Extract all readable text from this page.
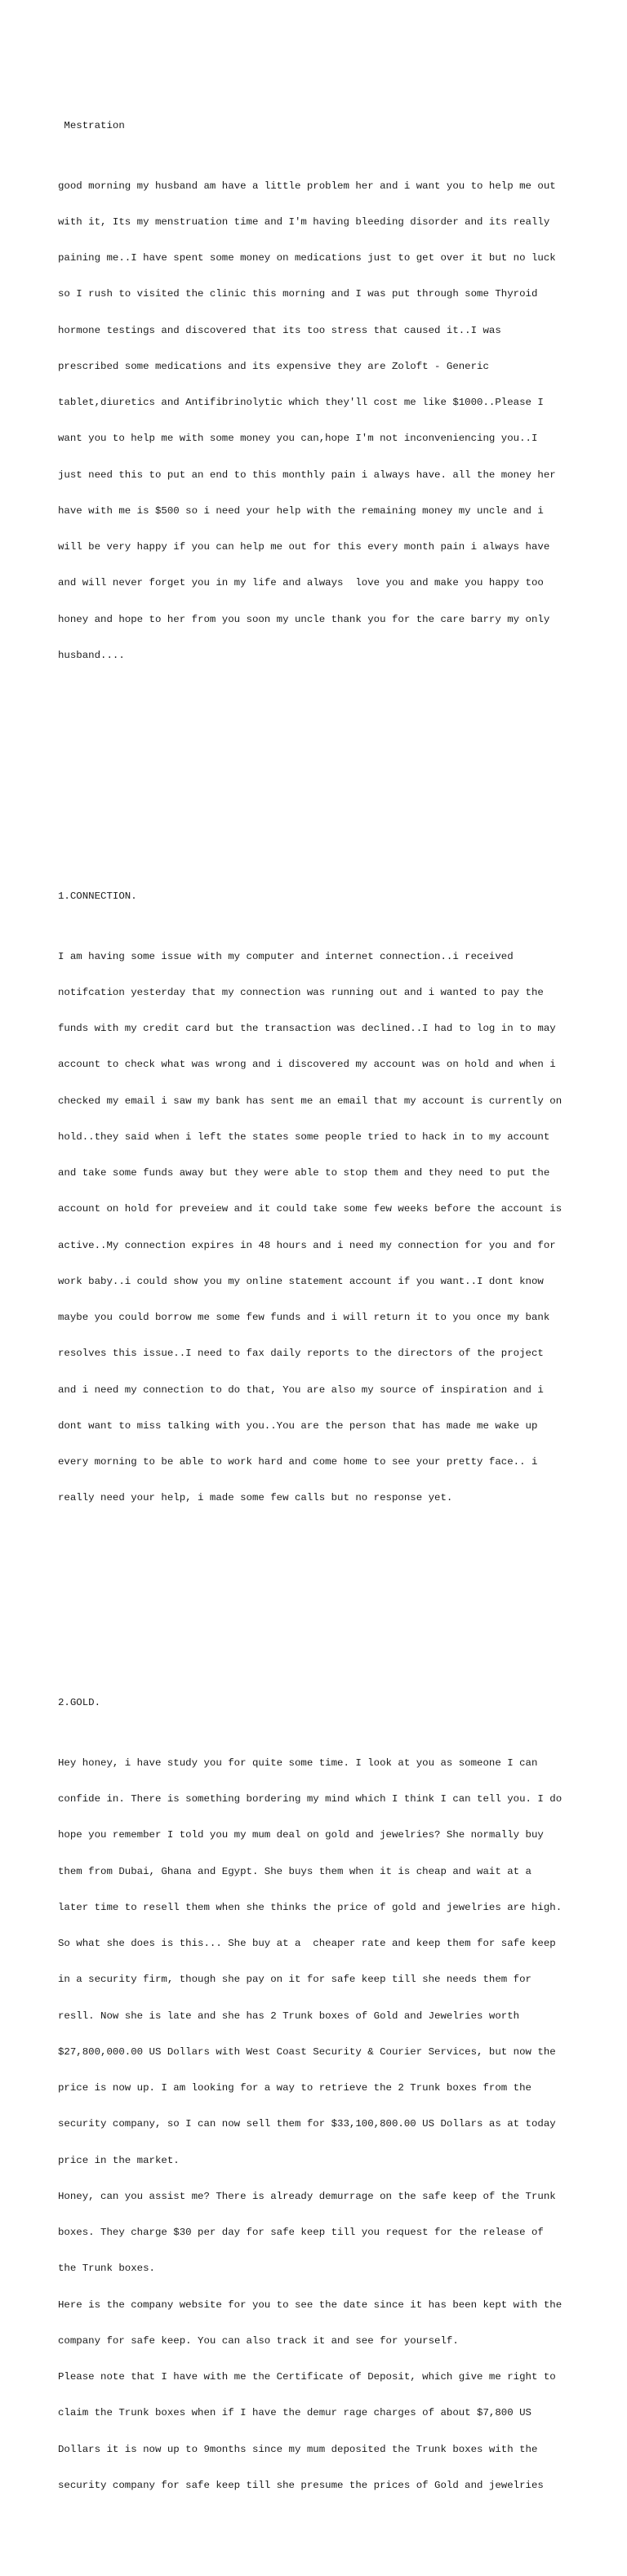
Mestration

good morning my husband am have a little problem her and i want you to help me out

with it, Its my menstruation time and I'm having bleeding disorder and its really

paining me..I have spent some money on medications just to get over it but no luck

so I rush to visited the clinic this morning and I was put through some Thyroid

hormone testings and discovered that its too stress that caused it..I was

prescribed some medications and its expensive they are Zoloft - Generic

tablet,diuretics and Antifibrinolytic which they'll cost me like $1000..Please I

want you to help me with some money you can,hope I'm not inconveniencing you..I

just need this to put an end to this monthly pain i always have. all the money her

have with me is $500 so i need your help with the remaining money my uncle and i

will be very happy if you can help me out for this every month pain i always have

and will never forget you in my life and always  love you and make you happy too

honey and hope to her from you soon my uncle thank you for the care barry my only

husband....

1.CONNECTION.

I am having some issue with my computer and internet connection..i received

notifcation yesterday that my connection was running out and i wanted to pay the

funds with my credit card but the transaction was declined..I had to log in to may

account to check what was wrong and i discovered my account was on hold and when i

checked my email i saw my bank has sent me an email that my account is currently on

hold..they said when i left the states some people tried to hack in to my account

and take some funds away but they were able to stop them and they need to put the

account on hold for preveiew and it could take some few weeks before the account is

active..My connection expires in 48 hours and i need my connection for you and for

work baby..i could show you my online statement account if you want..I dont know

maybe you could borrow me some few funds and i will return it to you once my bank

resolves this issue..I need to fax daily reports to the directors of the project

and i need my connection to do that, You are also my source of inspiration and i

dont want to miss talking with you..You are the person that has made me wake up

every morning to be able to work hard and come home to see your pretty face.. i

really need your help, i made some few calls but no response yet.

2.GOLD.

Hey honey, i have study you for quite some time. I look at you as someone I can

confide in. There is something bordering my mind which I think I can tell you. I do

hope you remember I told you my mum deal on gold and jewelries? She normally buy

them from Dubai, Ghana and Egypt. She buys them when it is cheap and wait at a

later time to resell them when she thinks the price of gold and jewelries are high.

So what she does is this... She buy at a  cheaper rate and keep them for safe keep

in a security firm, though she pay on it for safe keep till she needs them for

resll. Now she is late and she has 2 Trunk boxes of Gold and Jewelries worth

$27,800,000.00 US Dollars with West Coast Security & Courier Services, but now the

price is now up. I am looking for a way to retrieve the 2 Trunk boxes from the

security company, so I can now sell them for $33,100,800.00 US Dollars as at today

price in the market.

Honey, can you assist me? There is already demurrage on the safe keep of the Trunk

boxes. They charge $30 per day for safe keep till you request for the release of

the Trunk boxes.

Here is the company website for you to see the date since it has been kept with the

company for safe keep. You can also track it and see for yourself.

Please note that I have with me the Certificate of Deposit, which give me right to

claim the Trunk boxes when if I have the demur rage charges of about $7,800 US

Dollars it is now up to 9months since my mum deposited the Trunk boxes with the

security company for safe keep till she presume the prices of Gold and jewelries
